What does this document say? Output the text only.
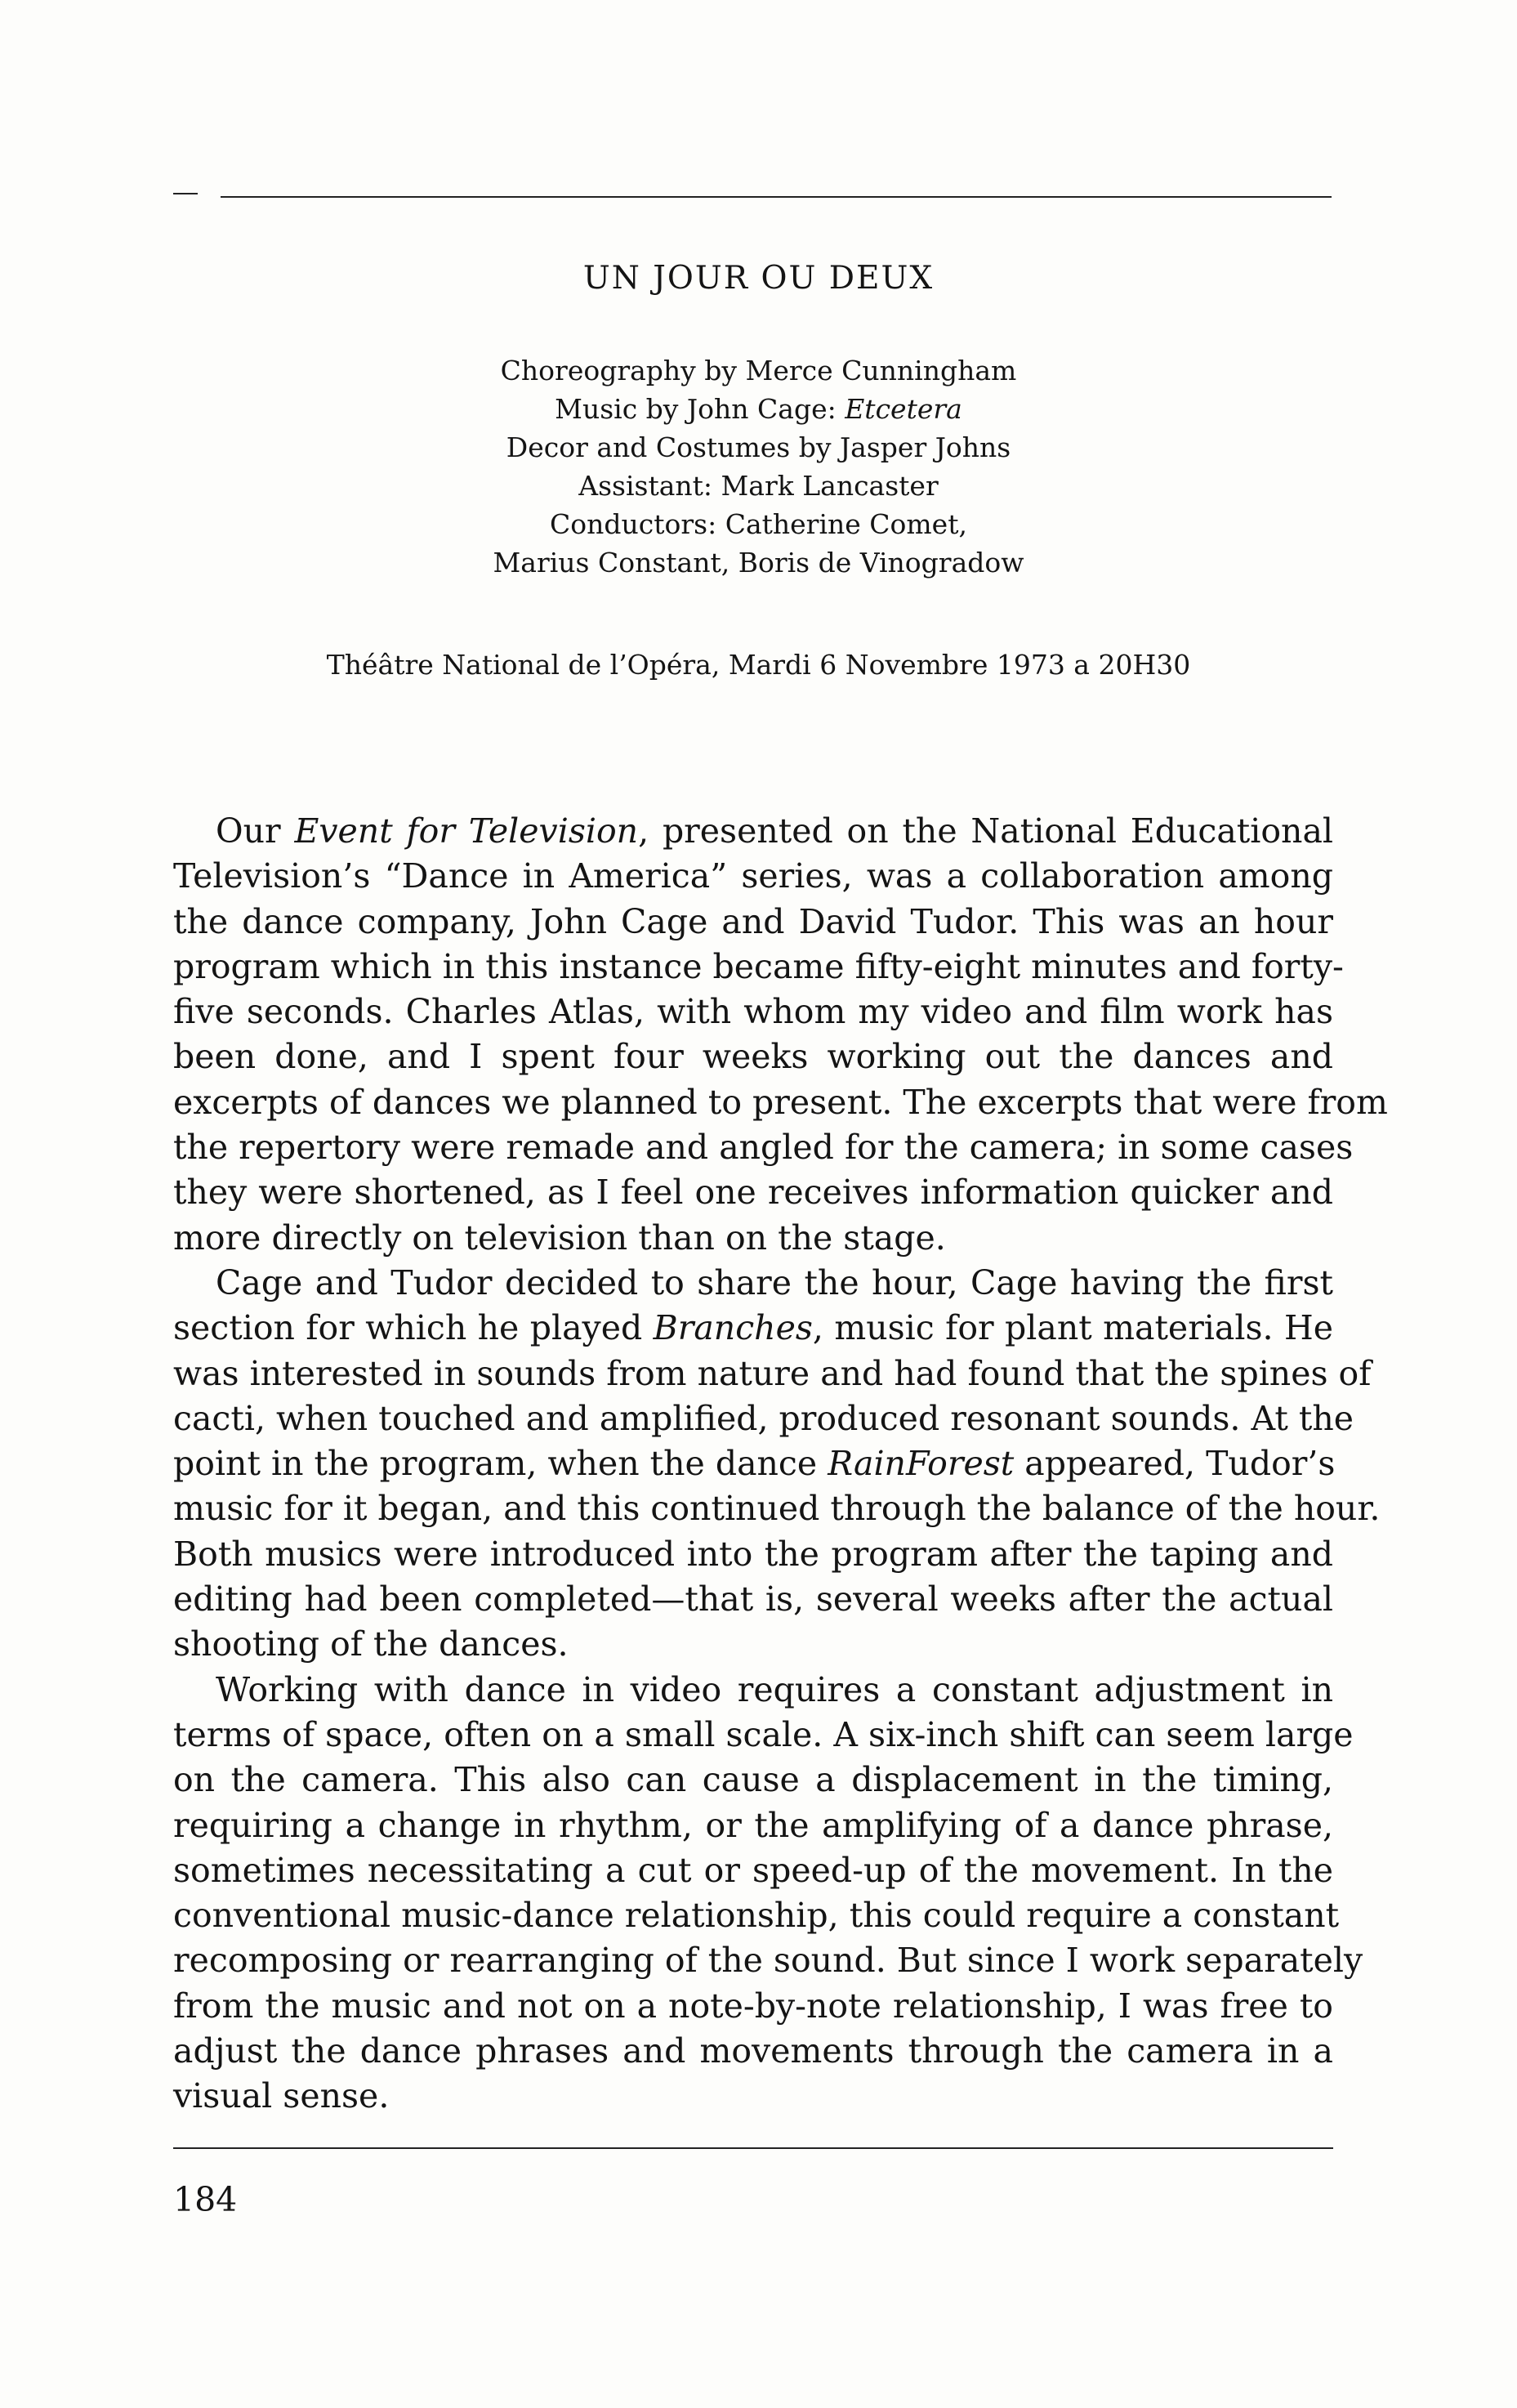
UN JOUR OU DEUX
Choreography by Merce Cunningham
Music by John Cage: Etcetera
Decor and Costumes by Jasper Johns
Assistant: Mark Lancaster
Conductors: Catherine Comet,
Marius Constant, Boris de Vinogradow

Théâtre National de l’Opéra, Mardi 6 Novembre 1973 a 20H30

Our Event for Television, presented on the National Educational
Television’s “Dance in America” series, was a collaboration among
the dance company, John Cage and David Tudor. This was an hour
program which in this instance became fifty-eight minutes and forty-
five seconds. Charles Atlas, with whom my video and film work has
been done, and I spent four weeks working out the dances and
excerpts of dances we planned to present. The excerpts that were from
the repertory were remade and angled for the camera; in some cases
they were shortened, as I feel one receives information quicker and
more directly on television than on the stage.

Cage and Tudor decided to share the hour, Cage having the first
section for which he played Branches, music for plant materials. He
was interested in sounds from nature and had found that the spines of
cacti, when touched and amplified, produced resonant sounds. At the
point in the program, when the dance RainForest appeared, Tudor’s
music for it began, and this continued through the balance of the hour.
Both musics were introduced into the program after the taping and
editing had been completed—that is, several weeks after the actual
shooting of the dances.

Working with dance in video requires a constant adjustment in
terms of space, often on a small scale. A six-inch shift can seem large
on the camera. This also can cause a displacement in the timing,
requiring a change in rhythm, or the amplifying of a dance phrase,
sometimes necessitating a cut or speed-up of the movement. In the
conventional music-dance relationship, this could require a constant
recomposing or rearranging of the sound. But since I work separately
from the music and not on a note-by-note relationship, I was free to
adjust the dance phrases and movements through the camera in a
visual sense.

184
